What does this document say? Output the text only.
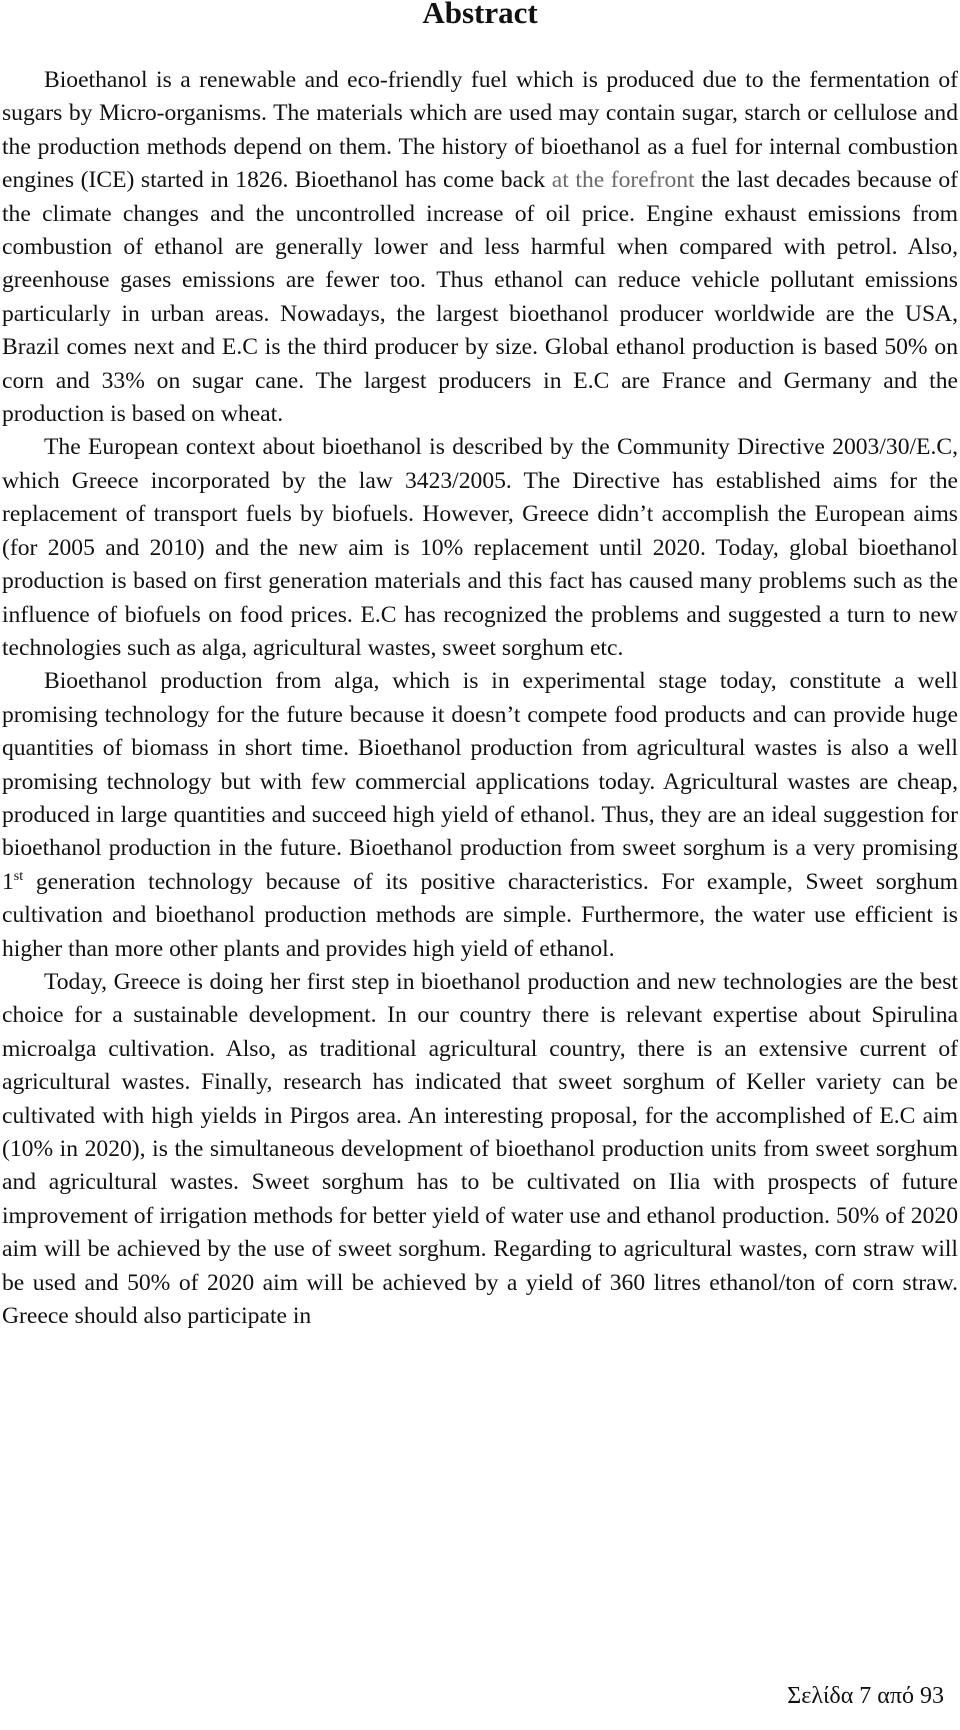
Abstract

Bioethanol is a renewable and eco-friendly fuel which is produced due to the fermentation of sugars by Micro-organisms. The materials which are used may contain sugar, starch or cellulose and the production methods depend on them. The history of bioethanol as a fuel for internal combustion engines (ICE) started in 1826. Bioethanol has come back at the forefront the last decades because of the climate changes and the uncontrolled increase of oil price. Engine exhaust emissions from combustion of ethanol are generally lower and less harmful when compared with petrol. Also, greenhouse gases emissions are fewer too. Thus ethanol can reduce vehicle pollutant emissions particularly in urban areas. Nowadays, the largest bioethanol producer worldwide are the USA, Brazil comes next and E.C is the third producer by size. Global ethanol production is based 50% on corn and 33% on sugar cane. The largest producers in E.C are France and Germany and the production is based on wheat.

The European context about bioethanol is described by the Community Directive 2003/30/E.C, which Greece incorporated by the law 3423/2005. The Directive has established aims for the replacement of transport fuels by biofuels. However, Greece didn’t accomplish the European aims (for 2005 and 2010) and the new aim is 10% replacement until 2020. Today, global bioethanol production is based on first generation materials and this fact has caused many problems such as the influence of biofuels on food prices. E.C has recognized the problems and suggested a turn to new technologies such as alga, agricultural wastes, sweet sorghum etc.

Bioethanol production from alga, which is in experimental stage today, constitute a well promising technology for the future because it doesn’t compete food products and can provide huge quantities of biomass in short time. Bioethanol production from agricultural wastes is also a well promising technology but with few commercial applications today. Agricultural wastes are cheap, produced in large quantities and succeed high yield of ethanol. Thus, they are an ideal suggestion for bioethanol production in the future. Bioethanol production from sweet sorghum is a very promising 1st generation technology because of its positive characteristics. For example, Sweet sorghum cultivation and bioethanol production methods are simple. Furthermore, the water use efficient is higher than more other plants and provides high yield of ethanol.

Today, Greece is doing her first step in bioethanol production and new technologies are the best choice for a sustainable development. In our country there is relevant expertise about Spirulina microalga cultivation. Also, as traditional agricultural country, there is an extensive current of agricultural wastes. Finally, research has indicated that sweet sorghum of Keller variety can be cultivated with high yields in Pirgos area. An interesting proposal, for the accomplished of E.C aim (10% in 2020), is the simultaneous development of bioethanol production units from sweet sorghum and agricultural wastes. Sweet sorghum has to be cultivated on Ilia with prospects of future improvement of irrigation methods for better yield of water use and ethanol production. 50% of 2020 aim will be achieved by the use of sweet sorghum. Regarding to agricultural wastes, corn straw will be used and 50% of 2020 aim will be achieved by a yield of 360 litres ethanol/ton of corn straw. Greece should also participate in

Σελίδα 7 από 93
